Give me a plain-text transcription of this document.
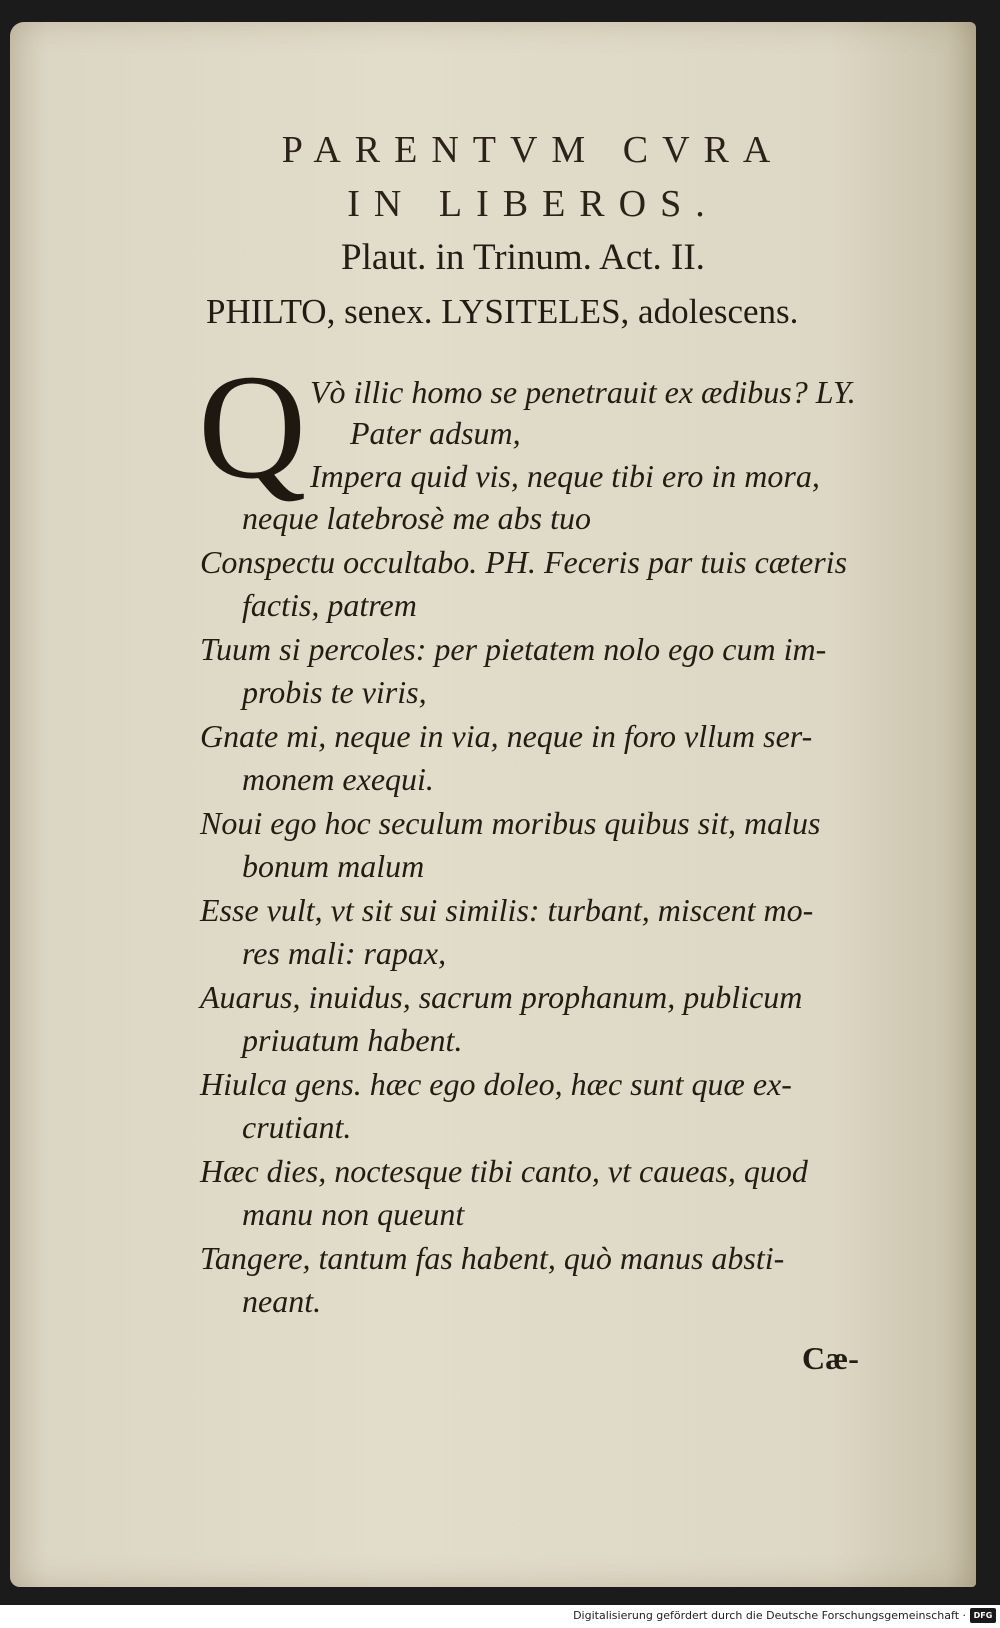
PARENTVM CVRA
IN LIBEROS.
Plaut. in Trinum. Act. II.
PHILTO, senex. LYSITELES, adolescens.
Q Vò illic homo se penetrauit ex ædibus? LY.
Pater adsum,
Impera quid vis, neque tibi ero in mora,
neque latebrosè me abs tuo
Conspectu occultabo. PH. Feceris par tuis cæteris
factis, patrem
Tuum si percoles: per pietatem nolo ego cum im-
probis te viris,
Gnate mi, neque in via, neque in foro vllum ser-
monem exequi.
Noui ego hoc seculum moribus quibus sit, malus
bonum malum
Esse vult, vt sit sui similis: turbant, miscent mo-
res mali: rapax,
Auarus, inuidus, sacrum prophanum, publicum
priuatum habent.
Hiulca gens. hæc ego doleo, hæc sunt quæ ex-
crutiant.
Hæc dies, noctesque tibi canto, vt caueas, quod
manu non queunt
Tangere, tantum fas habent, quò manus absti-
neant.
Cæ-
Digitalisierung gefördert durch die Deutsche Forschungsgemeinschaft · DFG
